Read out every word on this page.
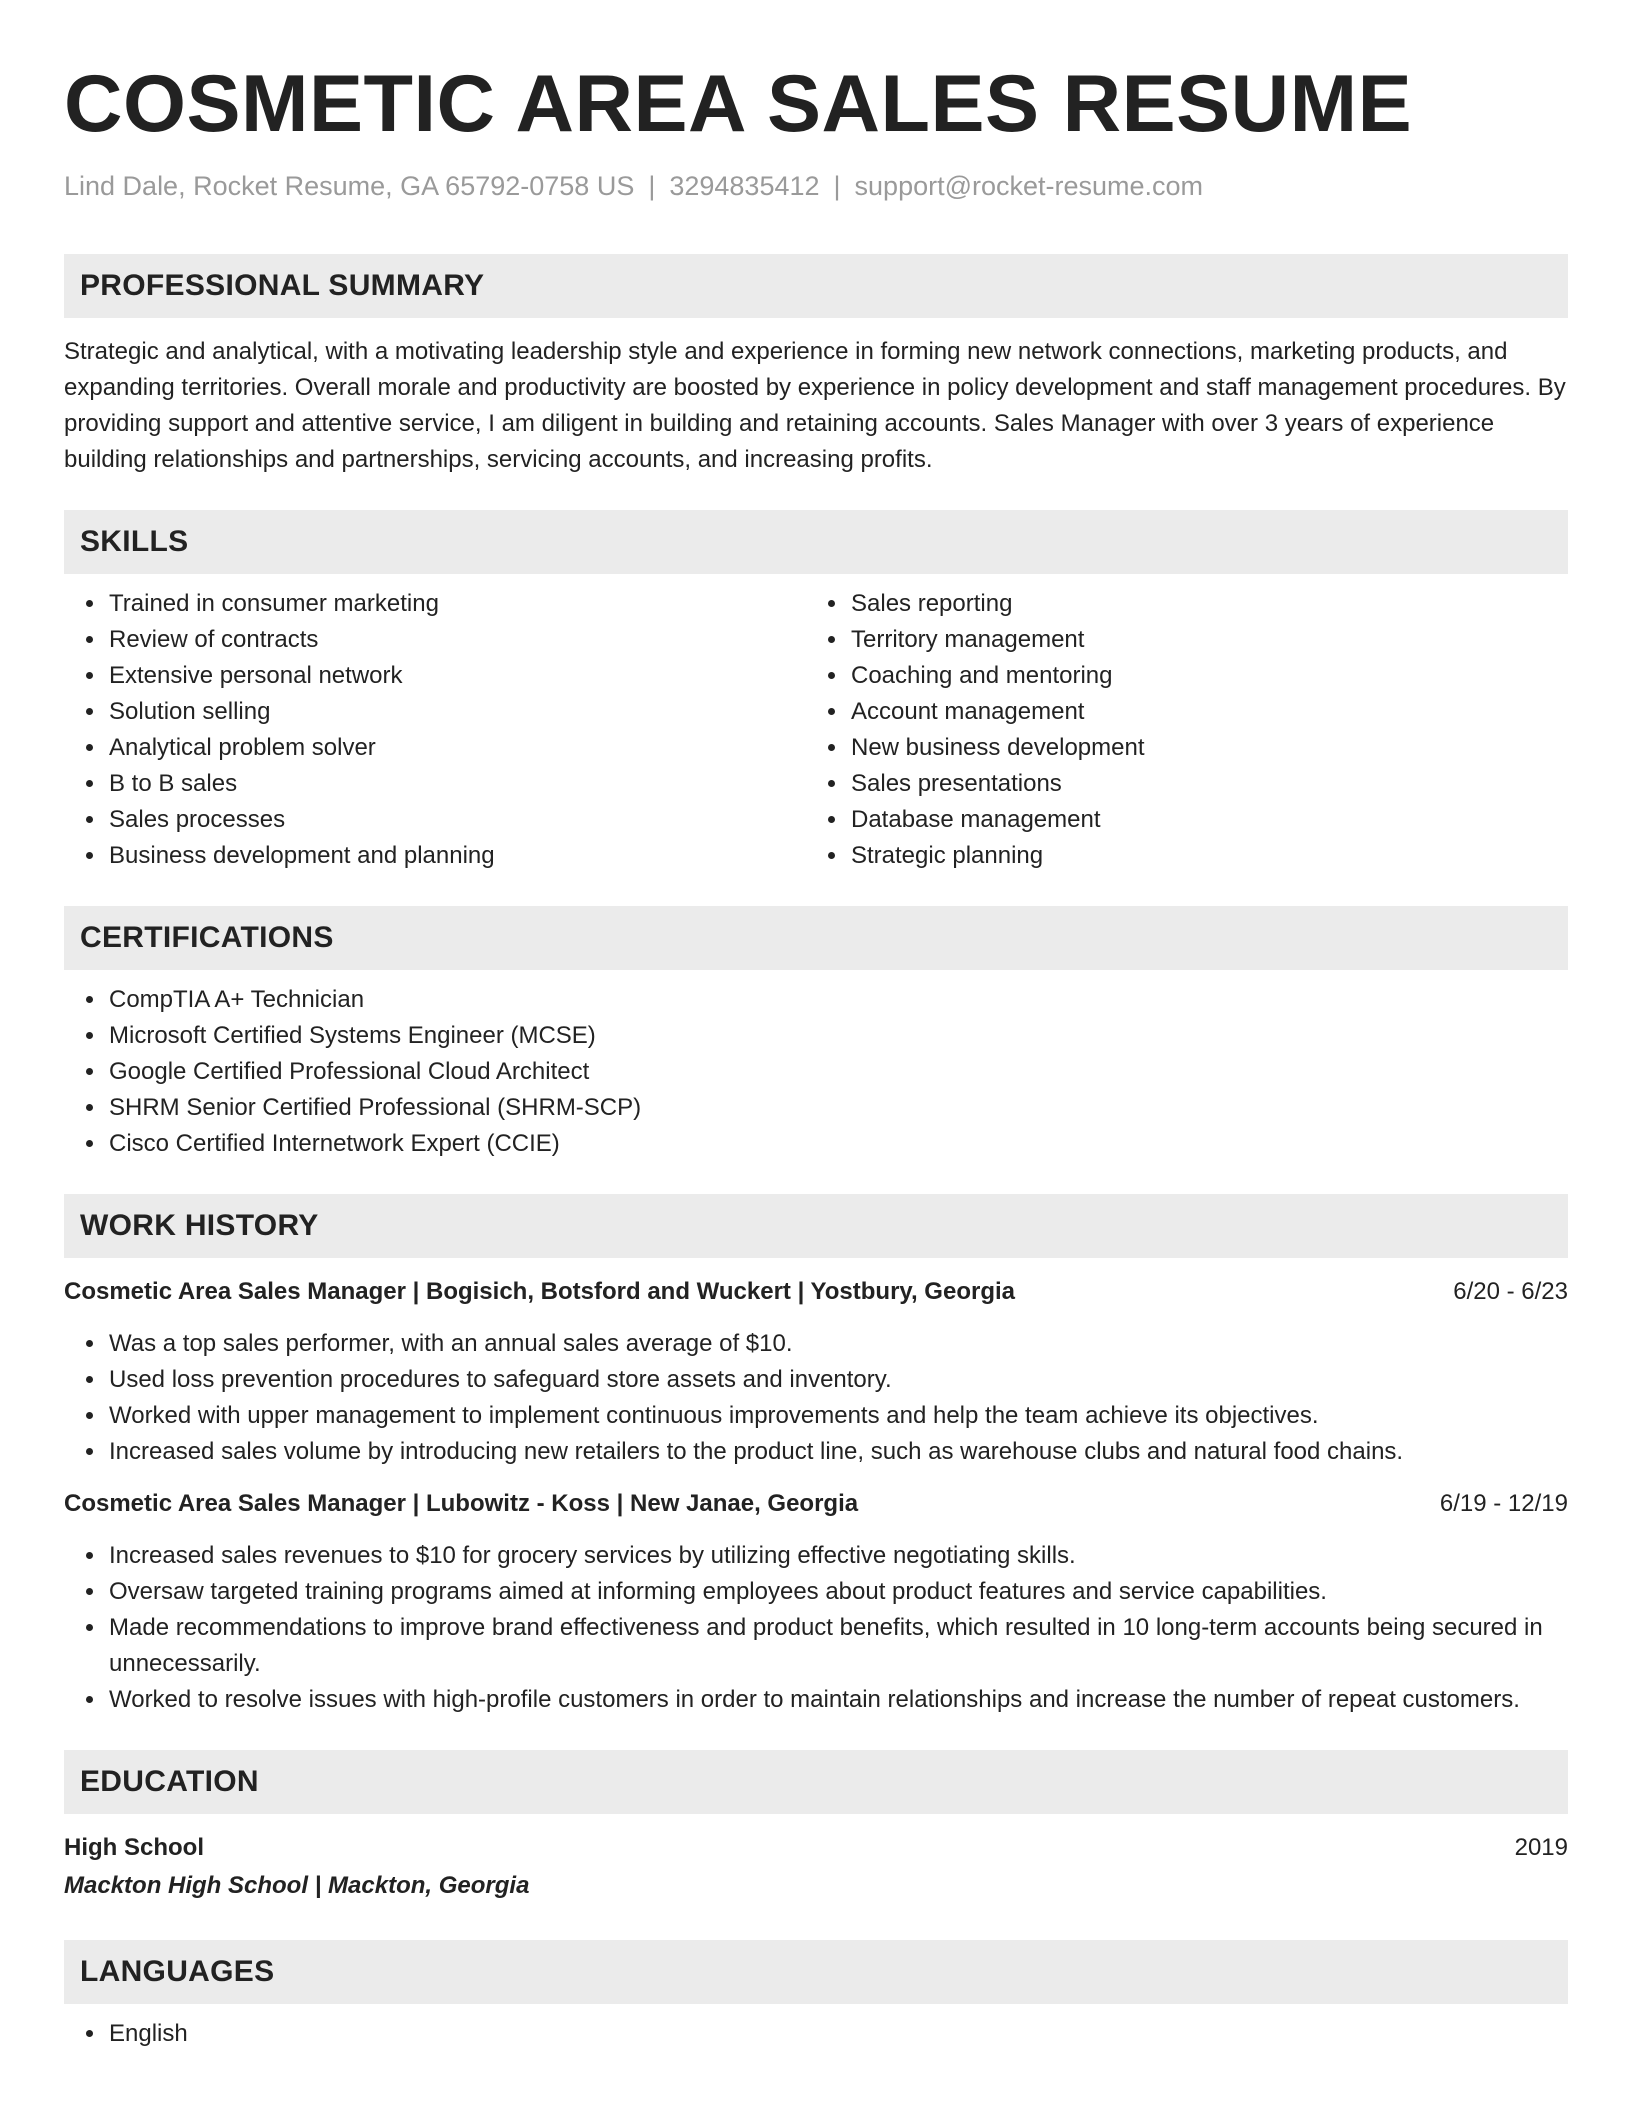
COSMETIC AREA SALES RESUME
Lind Dale, Rocket Resume, GA 65792-0758 US | 3294835412 | support@rocket-resume.com
PROFESSIONAL SUMMARY

Strategic and analytical, with a motivating leadership style and experience in forming new network connections, marketing products, and expanding territories. Overall morale and productivity are boosted by experience in policy development and staff management procedures. By providing support and attentive service, I am diligent in building and retaining accounts. Sales Manager with over 3 years of experience building relationships and partnerships, servicing accounts, and increasing profits.

SKILLS
• Trained in consumer marketing
• Review of contracts
• Extensive personal network
• Solution selling
• Analytical problem solver
• B to B sales
• Sales processes
• Business development and planning
• Sales reporting
• Territory management
• Coaching and mentoring
• Account management
• New business development
• Sales presentations
• Database management
• Strategic planning
CERTIFICATIONS
• CompTIA A+ Technician
• Microsoft Certified Systems Engineer (MCSE)
• Google Certified Professional Cloud Architect
• SHRM Senior Certified Professional (SHRM-SCP)
• Cisco Certified Internetwork Expert (CCIE)
WORK HISTORY
Cosmetic Area Sales Manager | Bogisich, Botsford and Wuckert | Yostbury, Georgia	6/20 - 6/23
• Was a top sales performer, with an annual sales average of $10.
• Used loss prevention procedures to safeguard store assets and inventory.
• Worked with upper management to implement continuous improvements and help the team achieve its objectives.
• Increased sales volume by introducing new retailers to the product line, such as warehouse clubs and natural food chains.
Cosmetic Area Sales Manager | Lubowitz - Koss | New Janae, Georgia	6/19 - 12/19
• Increased sales revenues to $10 for grocery services by utilizing effective negotiating skills.
• Oversaw targeted training programs aimed at informing employees about product features and service capabilities.
• Made recommendations to improve brand effectiveness and product benefits, which resulted in 10 long-term accounts being secured in unnecessarily.
• Worked to resolve issues with high-profile customers in order to maintain relationships and increase the number of repeat customers.
EDUCATION
High School	2019
Mackton High School | Mackton, Georgia
LANGUAGES
• English
